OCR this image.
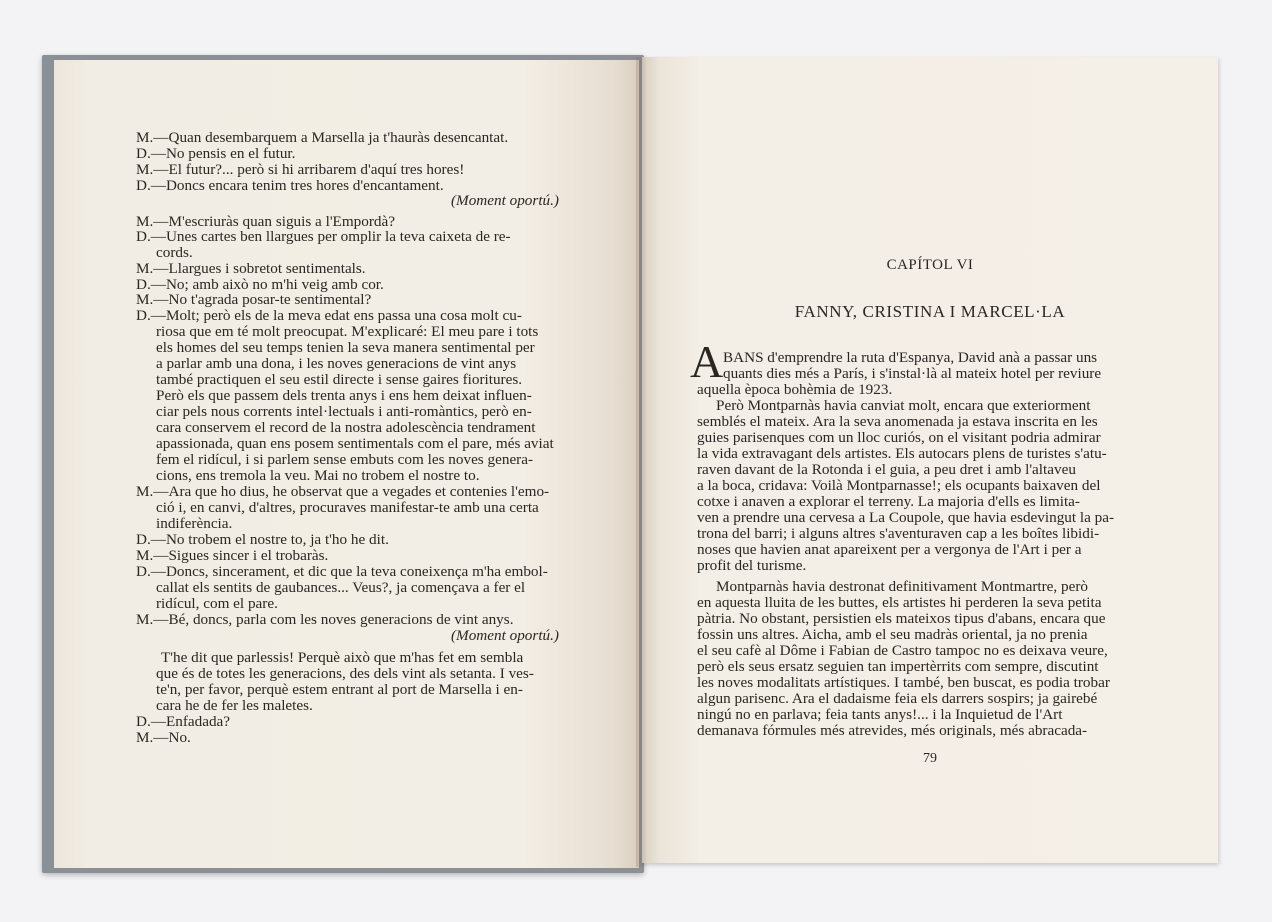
M.—Quan desembarquem a Marsella ja t'hauràs desencantat.
D.—No pensis en el futur.
M.—El futur?... però si hi arribarem d'aquí tres hores!
D.—Doncs encara tenim tres hores d'encantament.
(Moment oportú.)
M.—M'escriuràs quan siguis a l'Empordà?
D.—Unes cartes ben llargues per omplir la teva caixeta de re-
cords.
M.—Llargues i sobretot sentimentals.
D.—No; amb això no m'hi veig amb cor.
M.—No t'agrada posar-te sentimental?
D.—Molt; però els de la meva edat ens passa una cosa molt cu-
riosa que em té molt preocupat. M'explicaré: El meu pare i tots
els homes del seu temps tenien la seva manera sentimental per
a parlar amb una dona, i les noves generacions de vint anys
també practiquen el seu estil directe i sense gaires fioritures.
Però els que passem dels trenta anys i ens hem deixat influen-
ciar pels nous corrents intel·lectuals i anti-romàntics, però en-
cara conservem el record de la nostra adolescència tendrament
apassionada, quan ens posem sentimentals com el pare, més aviat
fem el ridícul, i si parlem sense embuts com les noves genera-
cions, ens tremola la veu. Mai no trobem el nostre to.
M.—Ara que ho dius, he observat que a vegades et contenies l'emo-
ció i, en canvi, d'altres, procuraves manifestar-te amb una certa
indiferència.
D.—No trobem el nostre to, ja t'ho he dit.
M.—Sigues sincer i el trobaràs.
D.—Doncs, sincerament, et dic que la teva coneixença m'ha embol-
callat els sentits de gaubances... Veus?, ja començava a fer el
ridícul, com el pare.
M.—Bé, doncs, parla com les noves generacions de vint anys.
(Moment oportú.)
T'he dit que parlessis! Perquè això que m'has fet em sembla
que és de totes les generacions, des dels vint als setanta. I ves-
te'n, per favor, perquè estem entrant al port de Marsella i en-
cara he de fer les maletes.
D.—Enfadada?
M.—No.
CAPÍTOL VI
FANNY, CRISTINA I MARCEL·LA
A BANS d'emprendre la ruta d'Espanya, David anà a passar uns
quants dies més a París, i s'instal·là al mateix hotel per reviure
aquella època bohèmia de 1923.
Però Montparnàs havia canviat molt, encara que exteriorment
semblés el mateix. Ara la seva anomenada ja estava inscrita en les
guies parisenques com un lloc curiós, on el visitant podria admirar
la vida extravagant dels artistes. Els autocars plens de turistes s'atu-
raven davant de la Rotonda i el guia, a peu dret i amb l'altaveu
a la boca, cridava: Voilà Montparnasse!; els ocupants baixaven del
cotxe i anaven a explorar el terreny. La majoria d'ells es limita-
ven a prendre una cervesa a La Coupole, que havia esdevingut la pa-
trona del barri; i alguns altres s'aventuraven cap a les boîtes libidi-
noses que havien anat apareixent per a vergonya de l'Art i per a
profit del turisme.
Montparnàs havia destronat definitivament Montmartre, però
en aquesta lluita de les buttes, els artistes hi perderen la seva petita
pàtria. No obstant, persistien els mateixos tipus d'abans, encara que
fossin uns altres. Aicha, amb el seu madràs oriental, ja no prenia
el seu cafè al Dôme i Fabian de Castro tampoc no es deixava veure,
però els seus ersatz seguien tan impertèrrits com sempre, discutint
les noves modalitats artístiques. I també, ben buscat, es podia trobar
algun parisenc. Ara el dadaisme feia els darrers sospirs; ja gairebé
ningú no en parlava; feia tants anys!... i la Inquietud de l'Art
demanava fórmules més atrevides, més originals, més abracada-
79
